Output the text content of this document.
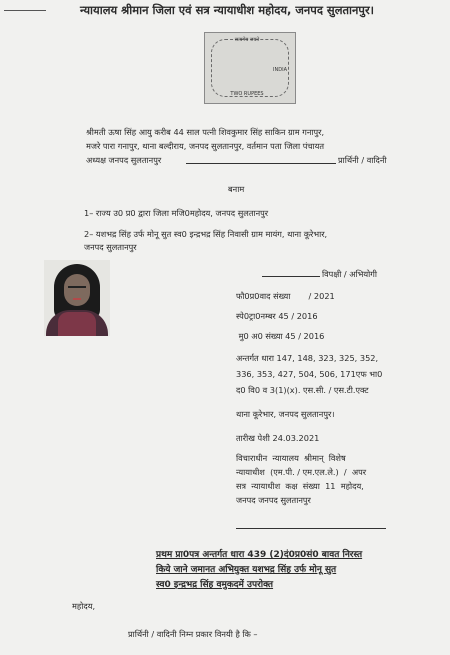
न्यायालय श्रीमान जिला एवं सत्र न्यायाधीश महोदय, जनपद सुलतानपुर।
सत्यमेव जयते
INDIA
TWO RUPEES
श्रीमती ऊषा सिंह आयु करीब 44 साल पत्नी शिवकुमार सिंह साकिन ग्राम गनापुर,
मजरे पारा गनापुर, थाना बल्दीराय, जनपद सुलतानपुर, वर्तमान पता जिला पंचायत
अध्यक्ष जनपद सुलतानपुर	प्रार्थिनी / वादिनी
बनाम
1– राज्य उ0 प्र0 द्वारा जिला मजि0महोदय, जनपद सुलतानपुर
2– यशभद्र सिंह उर्फ मोनू सुत स्व0 इन्द्रभद्र सिंह निवासी ग्राम मायंग, थाना कूरेभार,
जनपद सुलतानपुर
विपक्षी / अभियोगी
फौ0प्र0वाद संख्या       / 2021
स्पे0ट्रा0नम्बर 45 / 2016
मु0 अ0 संख्या 45 / 2016
अन्तर्गत धारा 147, 148, 323, 325, 352,
336, 353, 427, 504, 506, 171एफ भा0
द0 वि0 व 3(1)(x). एस.सी. / एस.टी.एक्ट
थाना कूरेभार, जनपद सुलतानपुर।
तारीख पेशी 24.03.2021
विचाराधीन  न्यायालय  श्रीमान्  विशेष
न्यायाधीश  (एम.पी. / एम.एल.ले.)  /  अपर
सत्र  न्यायाधीश  कक्ष  संख्या  11  महोदय,
जनपद जनपद सुलतानपुर
प्रथम प्रा0पत्र अन्तर्गत धारा 439 (2)दं0प्र0सं0 बावत निरस्त
किये जाने जमानत अभियुक्त यशभद्र सिंह उर्फ मोनू सुत
स्व0 इन्द्रभद्र सिंह वमुकदमें उपरोक्त
महोदय,
प्रार्थिनी / वादिनी निम्न प्रकार विनयी है कि –
